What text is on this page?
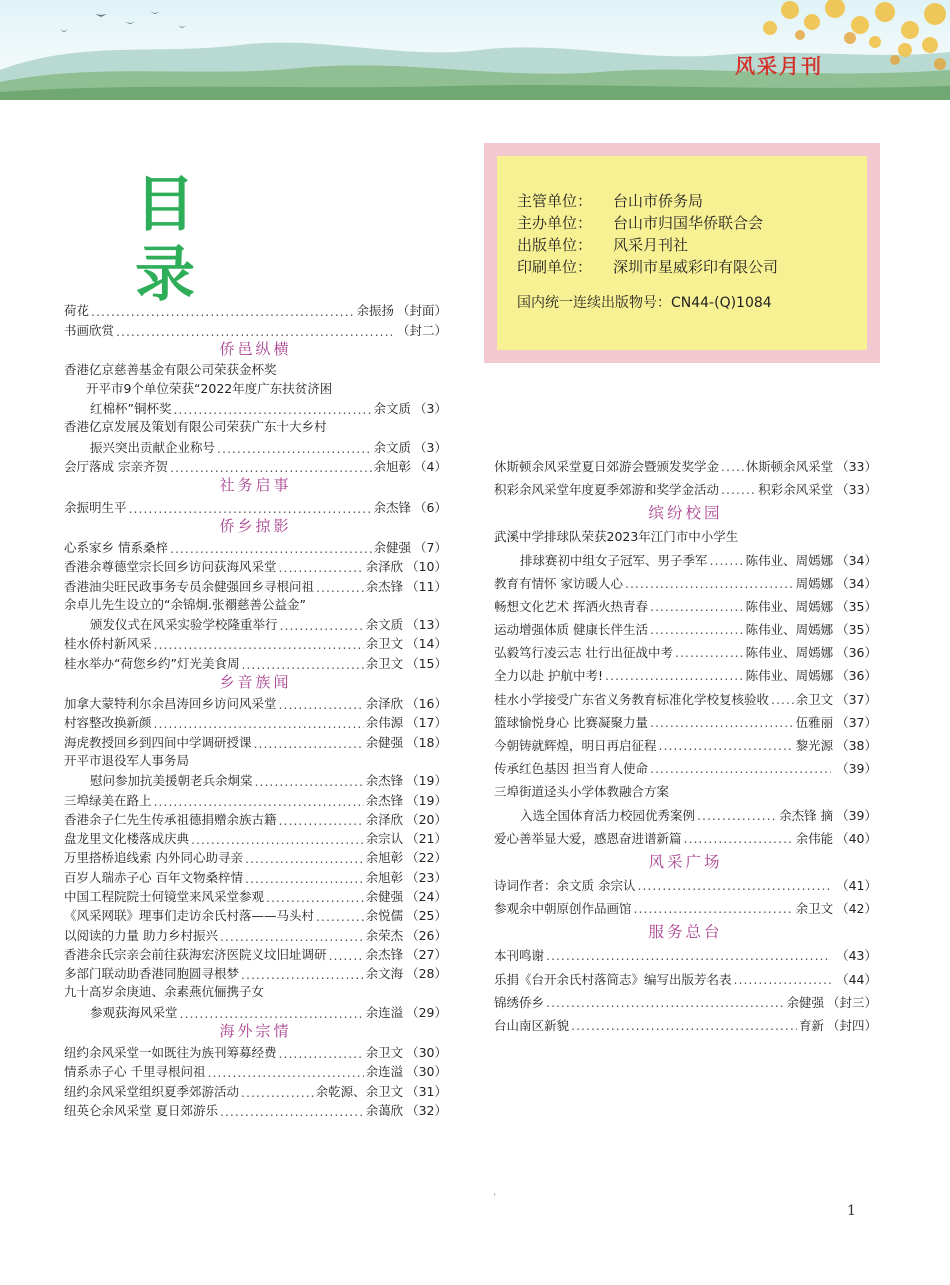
风采月刊
目录
主管单位： 台山市侨务局
主办单位： 台山市归国华侨联合会
出版单位： 风采月刊社
印刷单位： 深圳市星威彩印有限公司
国内统一连续出版物号：CN44-(Q)1084
荷花 .....	余振扬 （封面）
书画欣赏 .....	（封二）
侨邑纵横
香港亿京慈善基金有限公司荣获金杯奖
开平市9个单位荣获“2022年度广东扶贫济困
红棉杯”铜杯奖 .....	余文质 （3）
香港亿京发展及策划有限公司荣获广东十大乡村
振兴突出贡献企业称号 .....	余文质 （3）
会厅落成 宗亲齐贺 .....	余旭彰 （4）
社务启事
余振明生平 .....	余杰锋 （6）
侨乡掠影
心系家乡 情系桑梓 .....	余健强 （7）
香港余尊德堂宗长回乡访问荻海风采堂 .....	余泽欣 （10）
香港油尖旺民政事务专员余健强回乡寻根问祖 .....	余杰锋 （11）
余卓儿先生设立的“余锦炯.张禤慈善公益金”
颁发仪式在风采实验学校隆重举行 .....	余文质 （13）
桂水侨村新风采 .....	余卫文 （14）
桂水举办“荷您乡约”灯光美食周 .....	余卫文 （15）
乡音族闻
加拿大蒙特利尔余昌涛回乡访问风采堂 .....	余泽欣 （16）
村容整改换新颜 .....	余伟源 （17）
海虎教授回乡到四间中学调研授课 .....	余健强 （18）
开平市退役军人事务局
慰问参加抗美援朝老兵余炯棠 .....	余杰锋 （19）
三埠绿美在路上 .....	余杰锋 （19）
香港余子仁先生传承祖德捐赠余族古籍 .....	余泽欣 （20）
盘龙里文化楼落成庆典 .....	余宗认 （21）
万里搭桥追线索 内外同心助寻亲 .....	余旭彰 （22）
百岁人瑞赤子心 百年文物桑梓情 .....	余旭彰 （23）
中国工程院院士何镜堂来风采堂参观 .....	余健强 （24）
《风采网联》理事们走访余氏村落——马头村 .....	余悦儒 （25）
以阅读的力量 助力乡村振兴 .....	余荣杰 （26）
香港余氏宗亲会前往荻海宏济医院义坟旧址调研 .....	余杰锋 （27）
多部门联动助香港同胞圆寻根梦 .....	余文海 （28）
九十高岁余庚迪、余素燕伉俪携子女
参观荻海风采堂 .....	余连溢 （29）
海外宗情
纽约余风采堂一如既往为族刊筹募经费 .....	余卫文 （30）
情系赤子心 千里寻根问祖 .....	余连溢 （30）
纽约余风采堂组织夏季郊游活动 .....	余乾源、余卫文 （31）
纽英仑余风采堂 夏日郊游乐 .....	余蔼欣 （32）
休斯顿余风采堂夏日郊游会暨颁发奖学金 ..... 休斯顿余风采堂 （33）
积彩余风采堂年度夏季郊游和奖学金活动 .....	积彩余风采堂 （33）
缤纷校园
武溪中学排球队荣获2023年江门市中小学生
排球赛初中组女子冠军、男子季军 .....	陈伟业、周嫣娜 （34）
教育有情怀 家访暖人心 .....	周嫣娜 （34）
畅想文化艺术 挥洒火热青春 .....	陈伟业、周嫣娜 （35）
运动增强体质 健康长伴生活 .....	陈伟业、周嫣娜 （35）
弘毅笃行凌云志 壮行出征战中考 .....	陈伟业、周嫣娜 （36）
全力以赴 护航中考! .....	陈伟业、周嫣娜 （36）
桂水小学接受广东省义务教育标准化学校复核验收 ..... 余卫文 （37）
篮球愉悦身心 比赛凝聚力量 .....	伍雅丽 （37）
今朝铸就辉煌，明日再启征程 .....	黎光源 （38）
传承红色基因 担当育人使命 .....	（39）
三埠街道迳头小学体教融合方案
入选全国体育活力校园优秀案例 .....	余杰锋 摘 （39）
爱心善举显大爱，感恩奋进谱新篇 .....	余伟能 （40）
风采广场
诗词作者：余文质 余宗认 .....	（41）
参观余中朝原创作品画馆 .....	余卫文 （42）
服务总台
本刊鸣谢 .....	（43）
乐捐《台开余氏村落简志》编写出版芳名表 .....	（44）
锦绣侨乡 .....	余健强 （封三）
台山南区新貌 .....	育新 （封四）
·
1
